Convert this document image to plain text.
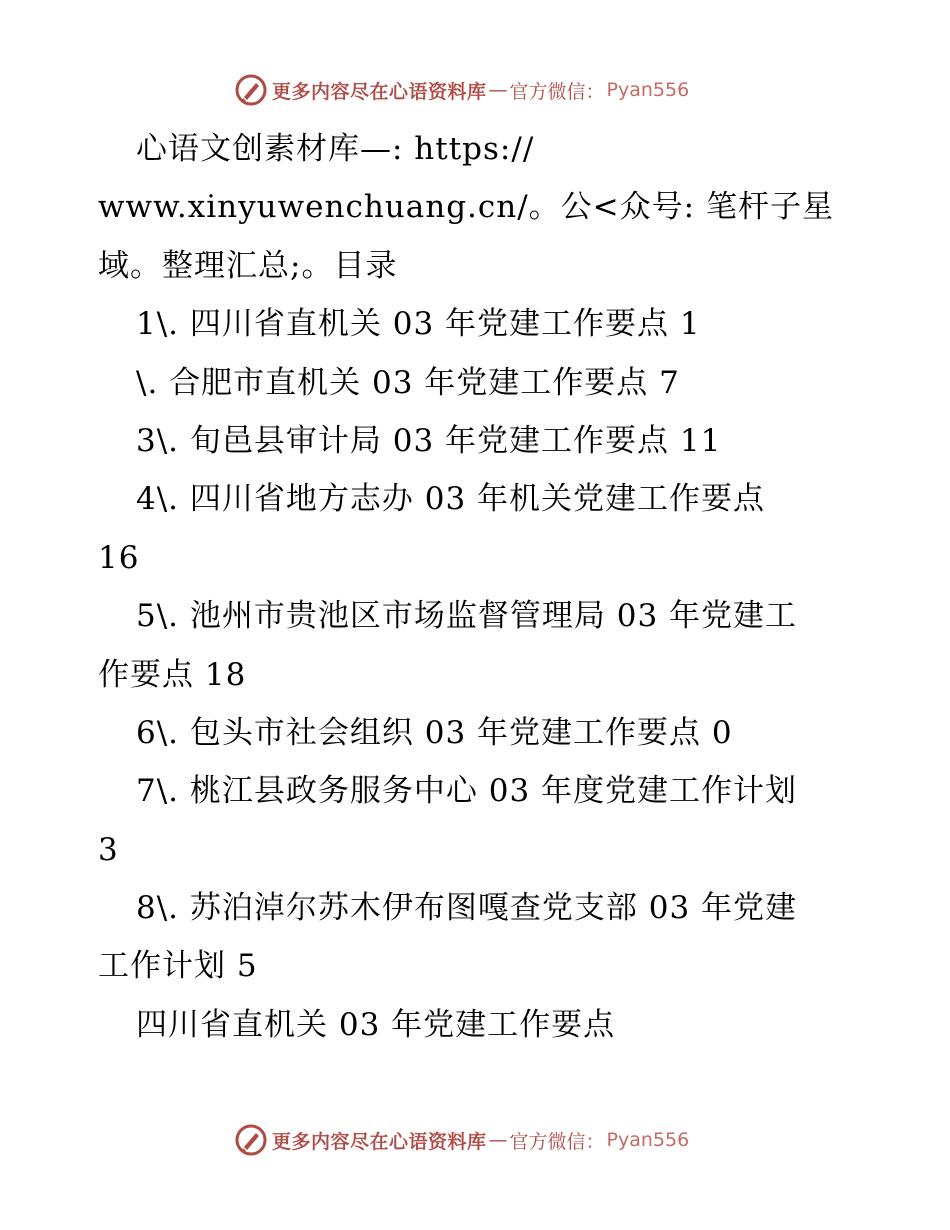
更多内容尽在心语资料库 — 官方微信： Pyan556
心语文创素材库—: https://
www.xinyuwenchuang.cn/。公<众号: 笔杆子星
域。整理汇总;。目录
1\. 四川省直机关 03 年党建工作要点 1
\. 合肥市直机关 03 年党建工作要点 7
3\. 旬邑县审计局 03 年党建工作要点 11
4\. 四川省地方志办 03 年机关党建工作要点
16
5\. 池州市贵池区市场监督管理局 03 年党建工
作要点 18
6\. 包头市社会组织 03 年党建工作要点 0
7\. 桃江县政务服务中心 03 年度党建工作计划
3
8\. 苏泊淖尔苏木伊布图嘎查党支部 03 年党建
工作计划 5
四川省直机关 03 年党建工作要点
更多内容尽在心语资料库 — 官方微信： Pyan556
